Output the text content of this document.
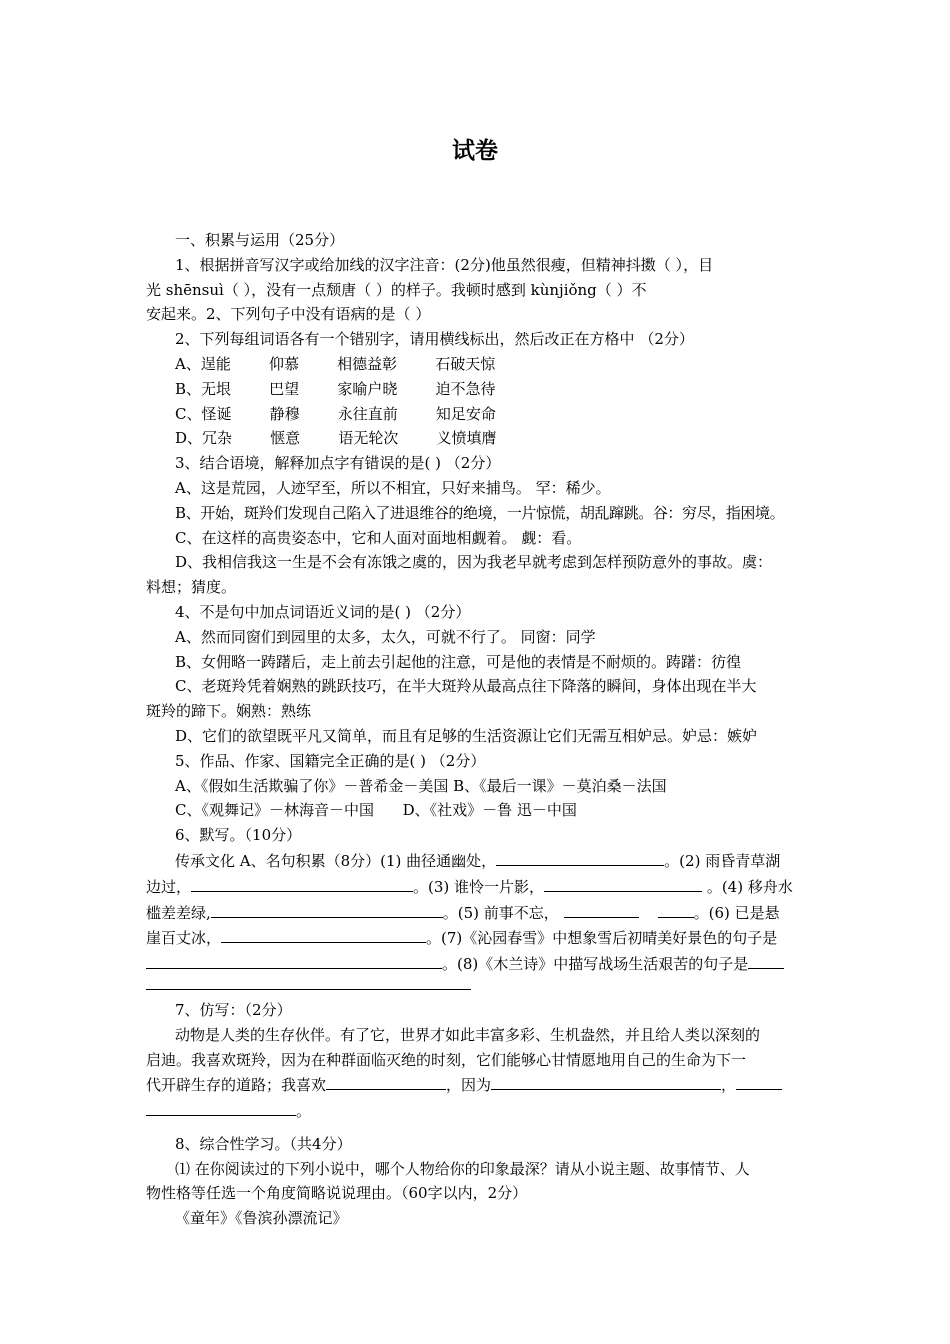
试卷

一、积累与运用（25分）

1、根据拼音写汉字或给加线的汉字注音：(2分)他虽然很瘦，但精神抖擞（ ），目

光 shēnsuì（ ），没有一点颓唐（ ）的样子。我顿时感到 kùnjiǒng（ ）不

安起来。2、下列句子中没有语病的是（ ）

2、下列每组词语各有一个错别字，请用横线标出，然后改正在方格中 （2分）

A、逞能        仰慕        相德益彰        石破天惊

B、无垠        巴望        家喻户晓        迫不急待

C、怪诞        静穆        永往直前        知足安命

D、冗杂        惬意        语无轮次        义愤填膺

3、结合语境，解释加点字有错误的是( ) （2分）

A、这是荒园，人迹罕至，所以不相宜，只好来捕鸟。 罕：稀少。

B、开始，斑羚们发现自己陷入了进退维谷的绝境，一片惊慌，胡乱蹿跳。谷：穷尽，指困境。

C、在这样的高贵姿态中，它和人面对面地相觑着。 觑：看。

D、我相信我这一生是不会有冻饿之虞的，因为我老早就考虑到怎样预防意外的事故。虞：

料想；猜度。

4、不是句中加点词语近义词的是( ) （2分）

A、然而同窗们到园里的太多，太久，可就不行了。 同窗：同学

B、女佣略一踌躇后，走上前去引起他的注意，可是他的表情是不耐烦的。踌躇：彷徨

C、老斑羚凭着娴熟的跳跃技巧，在半大斑羚从最高点往下降落的瞬间，身体出现在半大

斑羚的蹄下。娴熟：熟练

D、它们的欲望既平凡又简单，而且有足够的生活资源让它们无需互相妒忌。妒忌：嫉妒

5、作品、作家、国籍完全正确的是( ) （2分）

A、《假如生活欺骗了你》－普希金－美国 B、《最后一课》－莫泊桑－法国

C、《观舞记》－林海音－中国      D、《社戏》－鲁 迅－中国

6、默写。（10分）

传承文化 A、名句积累（8分）(1) 曲径通幽处，	。(2) 雨昏青草湖

边过，	。(3) 谁怜一片影，	。(4) 移舟水

槛差差绿,	。(5) 前事不忘，	。(6) 已是悬

崖百丈冰，	。(7)《沁园春雪》中想象雪后初晴美好景色的句子是

。(8)《木兰诗》中描写战场生活艰苦的句子是

7、仿写：（2分）

动物是人类的生存伙伴。有了它，世界才如此丰富多彩、生机盎然，并且给人类以深刻的

启迪。我喜欢斑羚，因为在种群面临灭绝的时刻，它们能够心甘情愿地用自己的生命为下一

代开辟生存的道路；我喜欢	，因为	，

。

8、综合性学习。（共4分）

⑴ 在你阅读过的下列小说中，哪个人物给你的印象最深？请从小说主题、故事情节、人

物性格等任选一个角度简略说说理由。（60字以内，2分）

《童年》《鲁滨孙漂流记》
